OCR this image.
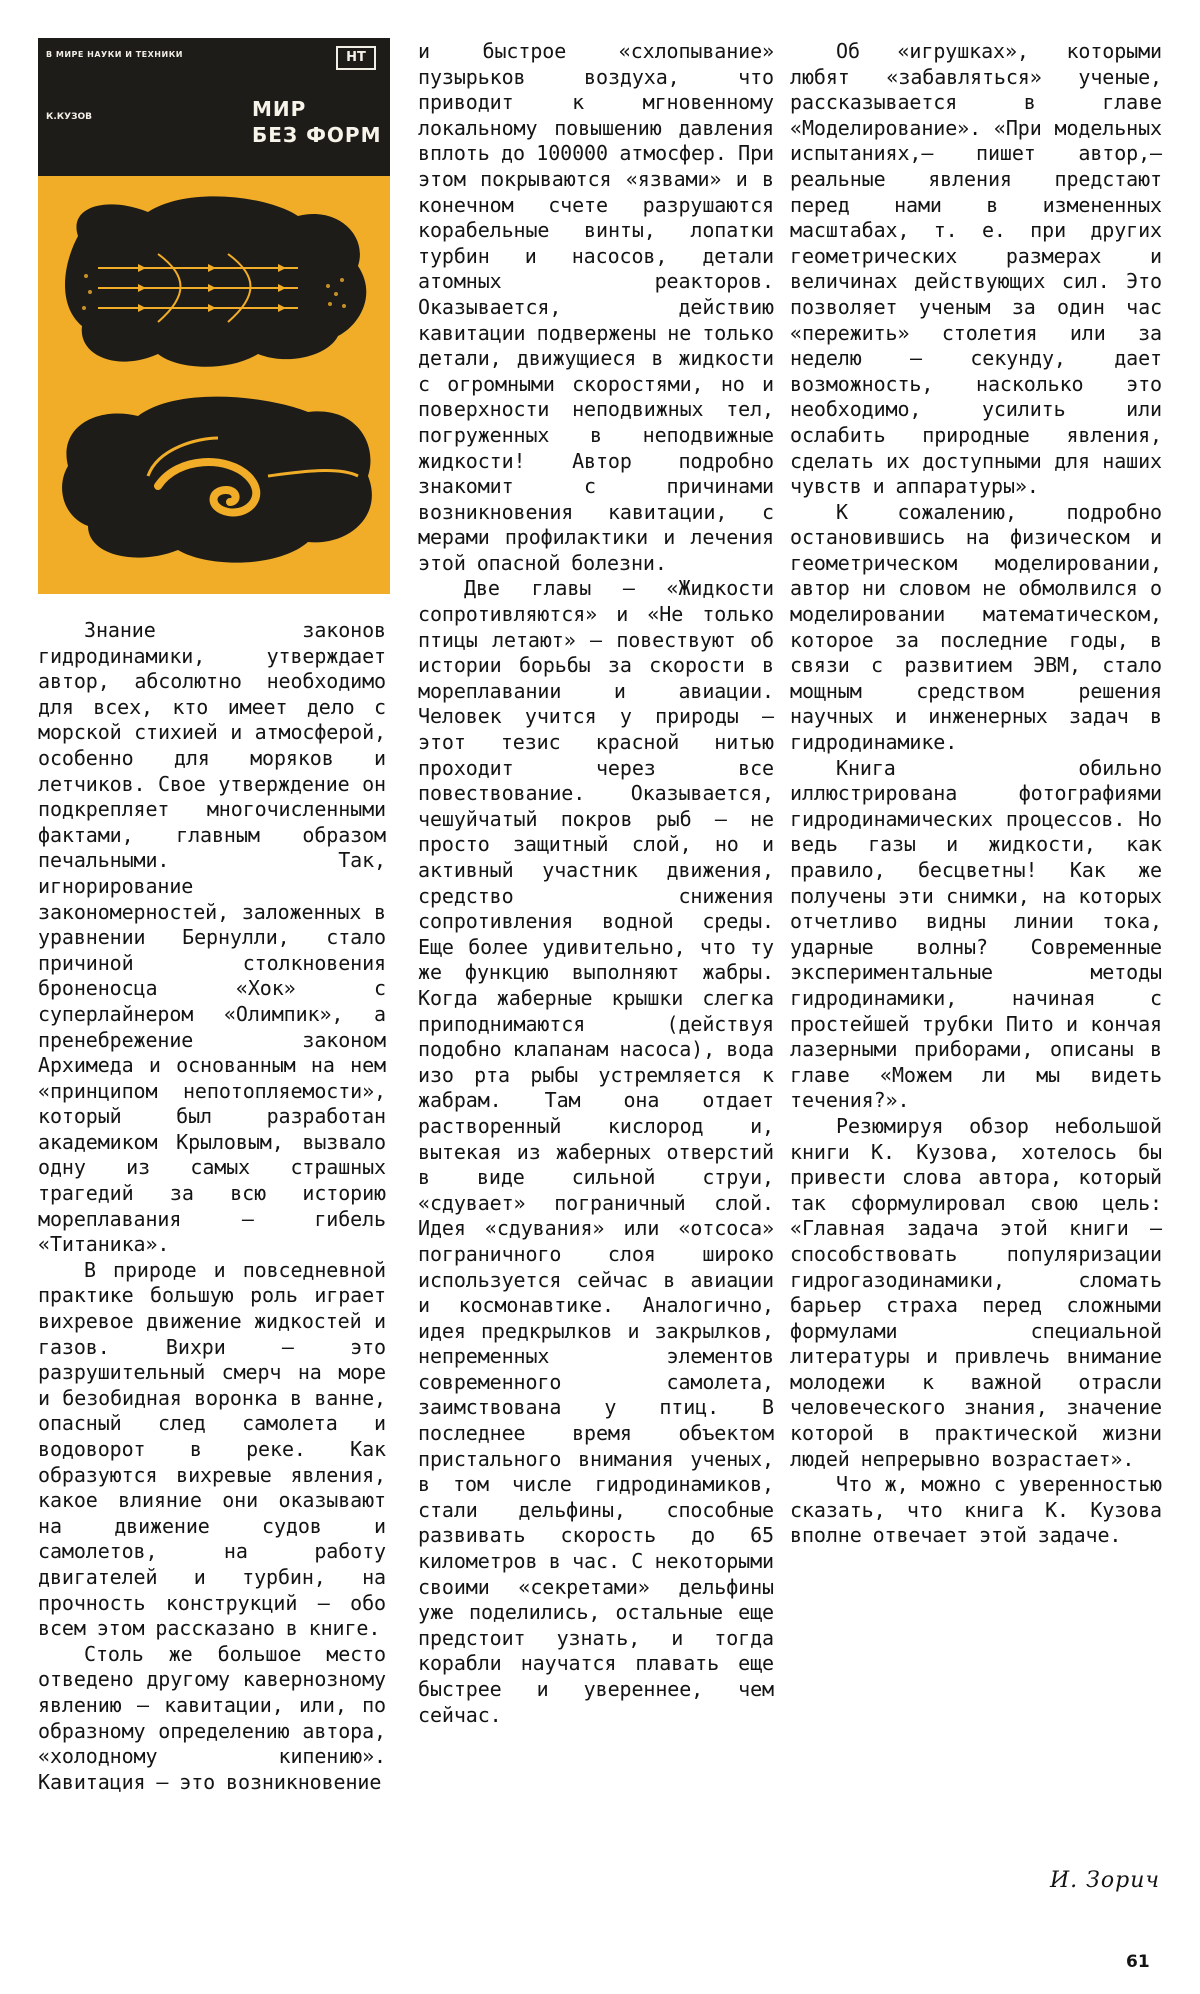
В МИРЕ НАУКИ И ТЕХНИКИ	НТ
К.КУЗОВ	МИР
БЕЗ ФОРМ

Знание законов гидродинамики, утверждает автор, абсолютно необходимо для всех, кто имеет дело с морской стихией и атмосферой, особенно для моряков и летчиков. Свое утверждение он подкрепляет многочисленными фактами, главным образом печальными. Так, игнорирование закономерностей, заложенных в уравнении Бернулли, стало причиной столкновения броненосца «Хок» с суперлайнером «Олимпик», а пренебрежение законом Архимеда и основанным на нем «принципом непотопляемости», который был разработан академиком Крыловым, вызвало одну из самых страшных трагедий за всю историю мореплавания — гибель «Титаника».

В природе и повседневной практике большую роль играет вихревое движение жидкостей и газов. Вихри — это разрушительный смерч на море и безобидная воронка в ванне, опасный след самолета и водоворот в реке. Как образуются вихревые явления, какое влияние они оказывают на движение судов и самолетов, на работу двигателей и турбин, на прочность конструкций — обо всем этом рассказано в книге.

Столь же большое место отведено другому кавернозному явлению — кавитации, или, по образному определению автора, «холодному кипению». Кавитация — это возникновение

и быстрое «схлопывание» пузырьков воздуха, что приводит к мгновенному локальному повышению давления вплоть до 100000 атмосфер. При этом покрываются «язвами» и в конечном счете разрушаются корабельные винты, лопатки турбин и насосов, детали атомных реакторов. Оказывается, действию кавитации подвержены не только детали, движущиеся в жидкости с огромными скоростями, но и поверхности неподвижных тел, погруженных в неподвижные жидкости! Автор подробно знакомит с причинами возникновения кавитации, с мерами профилактики и лечения этой опасной болезни.

Две главы — «Жидкости сопротивляются» и «Не только птицы летают» — повествуют об истории борьбы за скорости в мореплавании и авиации. Человек учится у природы — этот тезис красной нитью проходит через все повествование. Оказывается, чешуйчатый покров рыб — не просто защитный слой, но и активный участник движения, средство снижения сопротивления водной среды. Еще более удивительно, что ту же функцию выполняют жабры. Когда жаберные крышки слегка приподнимаются (действуя подобно клапанам насоса), вода изо рта рыбы устремляется к жабрам. Там она отдает растворенный кислород и, вытекая из жаберных отверстий в виде сильной струи, «сдувает» пограничный слой. Идея «сдувания» или «отсоса» пограничного слоя широко используется сейчас в авиации и космонавтике. Аналогично, идея предкрылков и закрылков, непременных элементов современного самолета, заимствована у птиц. В последнее время объектом пристального внимания ученых, в том числе гидродинамиков, стали дельфины, способные развивать скорость до 65 километров в час. С некоторыми своими «секретами» дельфины уже поделились, остальные еще предстоит узнать, и тогда корабли научатся плавать еще быстрее и увереннее, чем сейчас.

Об «игрушках», которыми любят «забавляться» ученые, рассказывается в главе «Моделирование». «При модельных испытаниях,— пишет автор,— реальные явления предстают перед нами в измененных масштабах, т. е. при других геометрических размерах и величинах действующих сил. Это позволяет ученым за один час «пережить» столетия или за неделю — секунду, дает возможность, насколько это необходимо, усилить или ослабить природные явления, сделать их доступными для наших чувств и аппаратуры».

К сожалению, подробно остановившись на физическом и геометрическом моделировании, автор ни словом не обмолвился о моделировании математическом, которое за последние годы, в связи с развитием ЭВМ, стало мощным средством решения научных и инженерных задач в гидродинамике.

Книга обильно иллюстрирована фотографиями гидродинамических процессов. Но ведь газы и жидкости, как правило, бесцветны! Как же получены эти снимки, на которых отчетливо видны линии тока, ударные волны? Современные экспериментальные методы гидродинамики, начиная с простейшей трубки Пито и кончая лазерными приборами, описаны в главе «Можем ли мы видеть течения?».

Резюмируя обзор небольшой книги К. Кузова, хотелось бы привести слова автора, который так сформулировал свою цель: «Главная задача этой книги — способствовать популяризации гидрогазодинамики, сломать барьер страха перед сложными формулами специальной литературы и привлечь внимание молодежи к важной отрасли человеческого знания, значение которой в практической жизни людей непрерывно возрастает».

Что ж, можно с уверенностью сказать, что книга К. Кузова вполне отвечает этой задаче.

И. Зорич
61
